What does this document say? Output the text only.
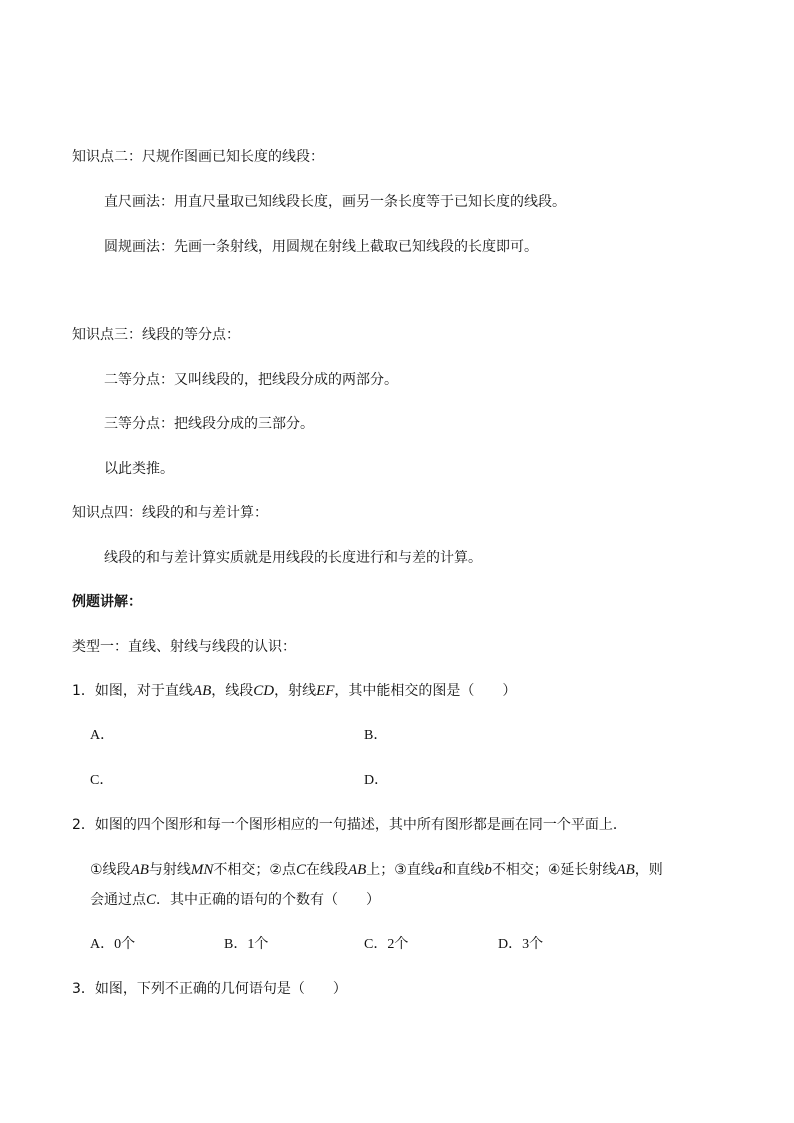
知识点二：尺规作图画已知长度的线段：
直尺画法：用直尺量取已知线段长度，画另一条长度等于已知长度的线段。
圆规画法：先画一条射线，用圆规在射线上截取已知线段的长度即可。
知识点三：线段的等分点：
二等分点：又叫线段的，把线段分成的两部分。
三等分点：把线段分成的三部分。
以此类推。
知识点四：线段的和与差计算：
线段的和与差计算实质就是用线段的长度进行和与差的计算。
例题讲解：
类型一：直线、射线与线段的认识：
1．如图，对于直线AB，线段CD，射线EF，其中能相交的图是（　　）
A．	B．
C．	D．
2．如图的四个图形和每一个图形相应的一句描述，其中所有图形都是画在同一个平面上．
①线段AB与射线MN不相交；②点C在线段AB上；③直线a和直线b不相交；④延长射线AB，则
会通过点C．其中正确的语句的个数有（　　）
A．0个	B．1个	C．2个	D．3个
3．如图，下列不正确的几何语句是（　　）
